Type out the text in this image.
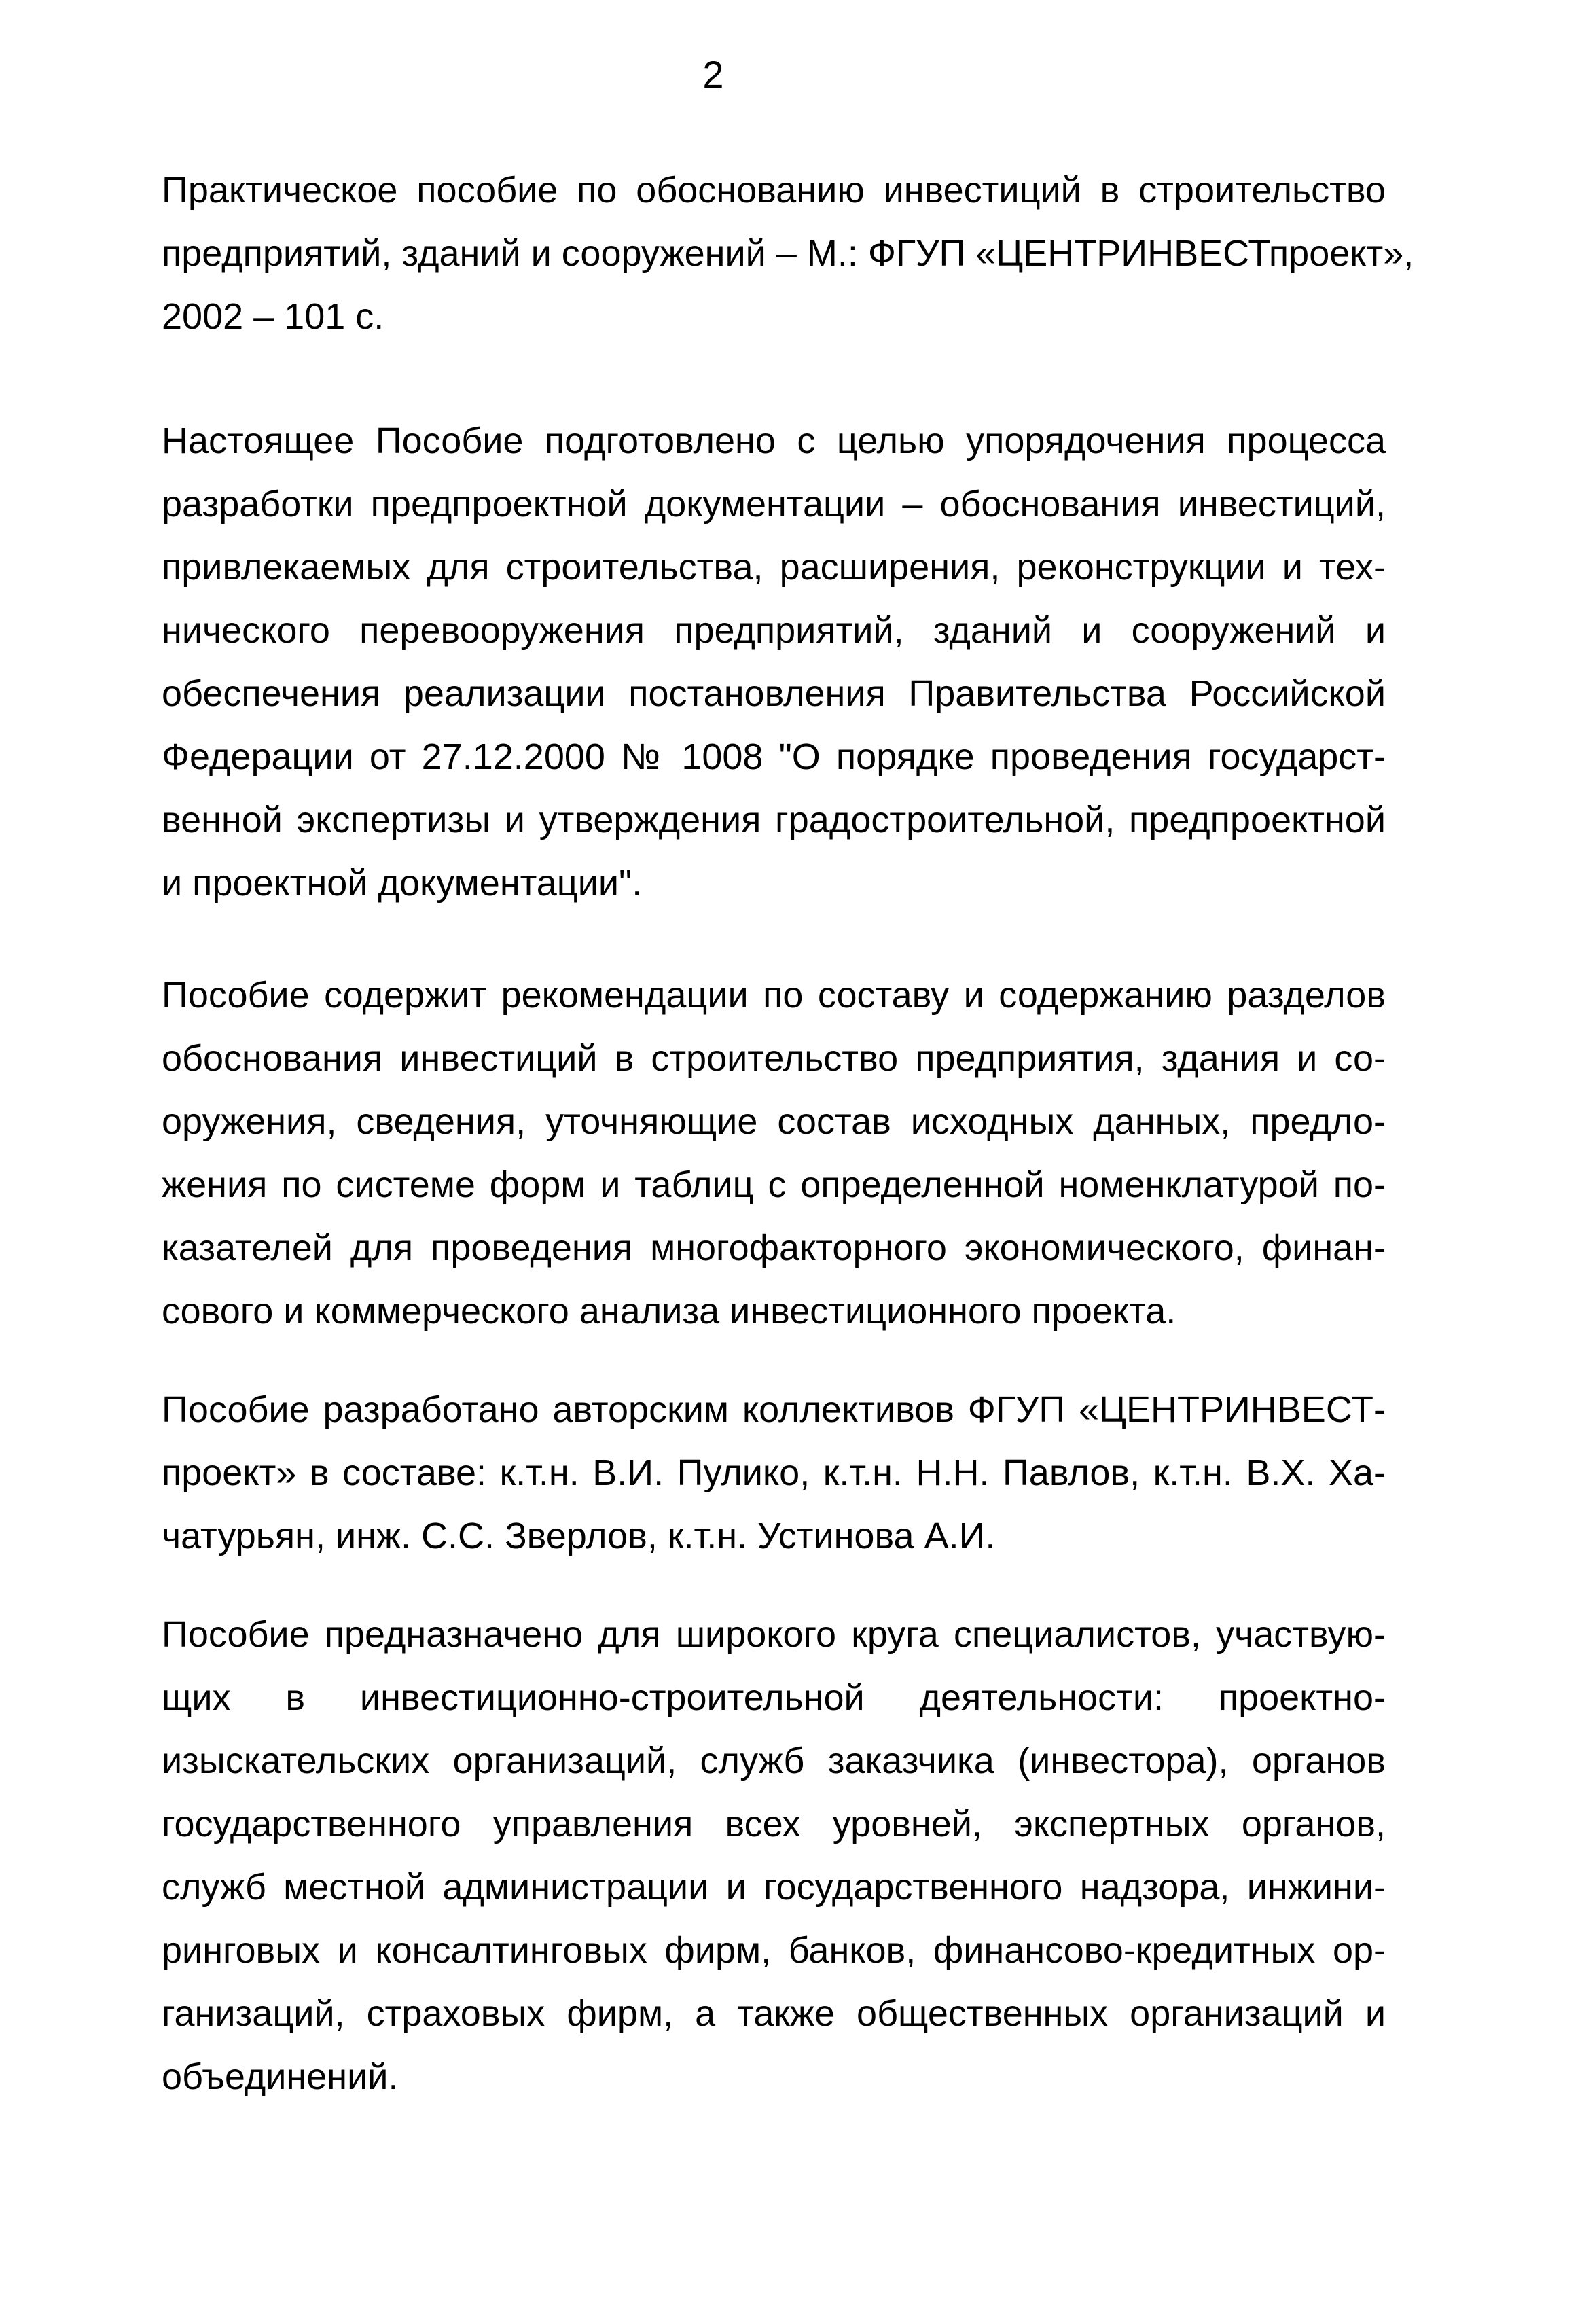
2
Практическое пособие по обоснованию инвестиций в строительство
предприятий, зданий и сооружений – М.: ФГУП «ЦЕНТРИНВЕСТпроект»,
2002 – 101 с.
Настоящее Пособие подготовлено с целью упорядочения процесса
разработки предпроектной документации – обоснования инвестиций,
привлекаемых для строительства, расширения, реконструкции и тех-
нического перевооружения предприятий, зданий и сооружений и
обеспечения реализации постановления Правительства Российской
Федерации от 27.12.2000 № 1008 "О порядке проведения государст-
венной экспертизы и утверждения градостроительной, предпроектной
и проектной документации".
Пособие содержит рекомендации по составу и содержанию разделов
обоснования инвестиций в строительство предприятия, здания и со-
оружения, сведения, уточняющие состав исходных данных, предло-
жения по системе форм и таблиц с определенной номенклатурой по-
казателей для проведения многофакторного экономического, финан-
сового и коммерческого анализа инвестиционного проекта.
Пособие разработано авторским коллективов ФГУП «ЦЕНТРИНВЕСТ-
проект» в составе: к.т.н. В.И. Пулико, к.т.н. Н.Н. Павлов, к.т.н. В.Х. Ха-
чатурьян, инж. С.С. Зверлов, к.т.н. Устинова А.И.
Пособие предназначено для широкого круга специалистов, участвую-
щих в инвестиционно-строительной деятельности: проектно-
изыскательских организаций, служб заказчика (инвестора), органов
государственного управления всех уровней, экспертных органов,
служб местной администрации и государственного надзора, инжини-
ринговых и консалтинговых фирм, банков, финансово-кредитных ор-
ганизаций, страховых фирм, а также общественных организаций и
объединений.
